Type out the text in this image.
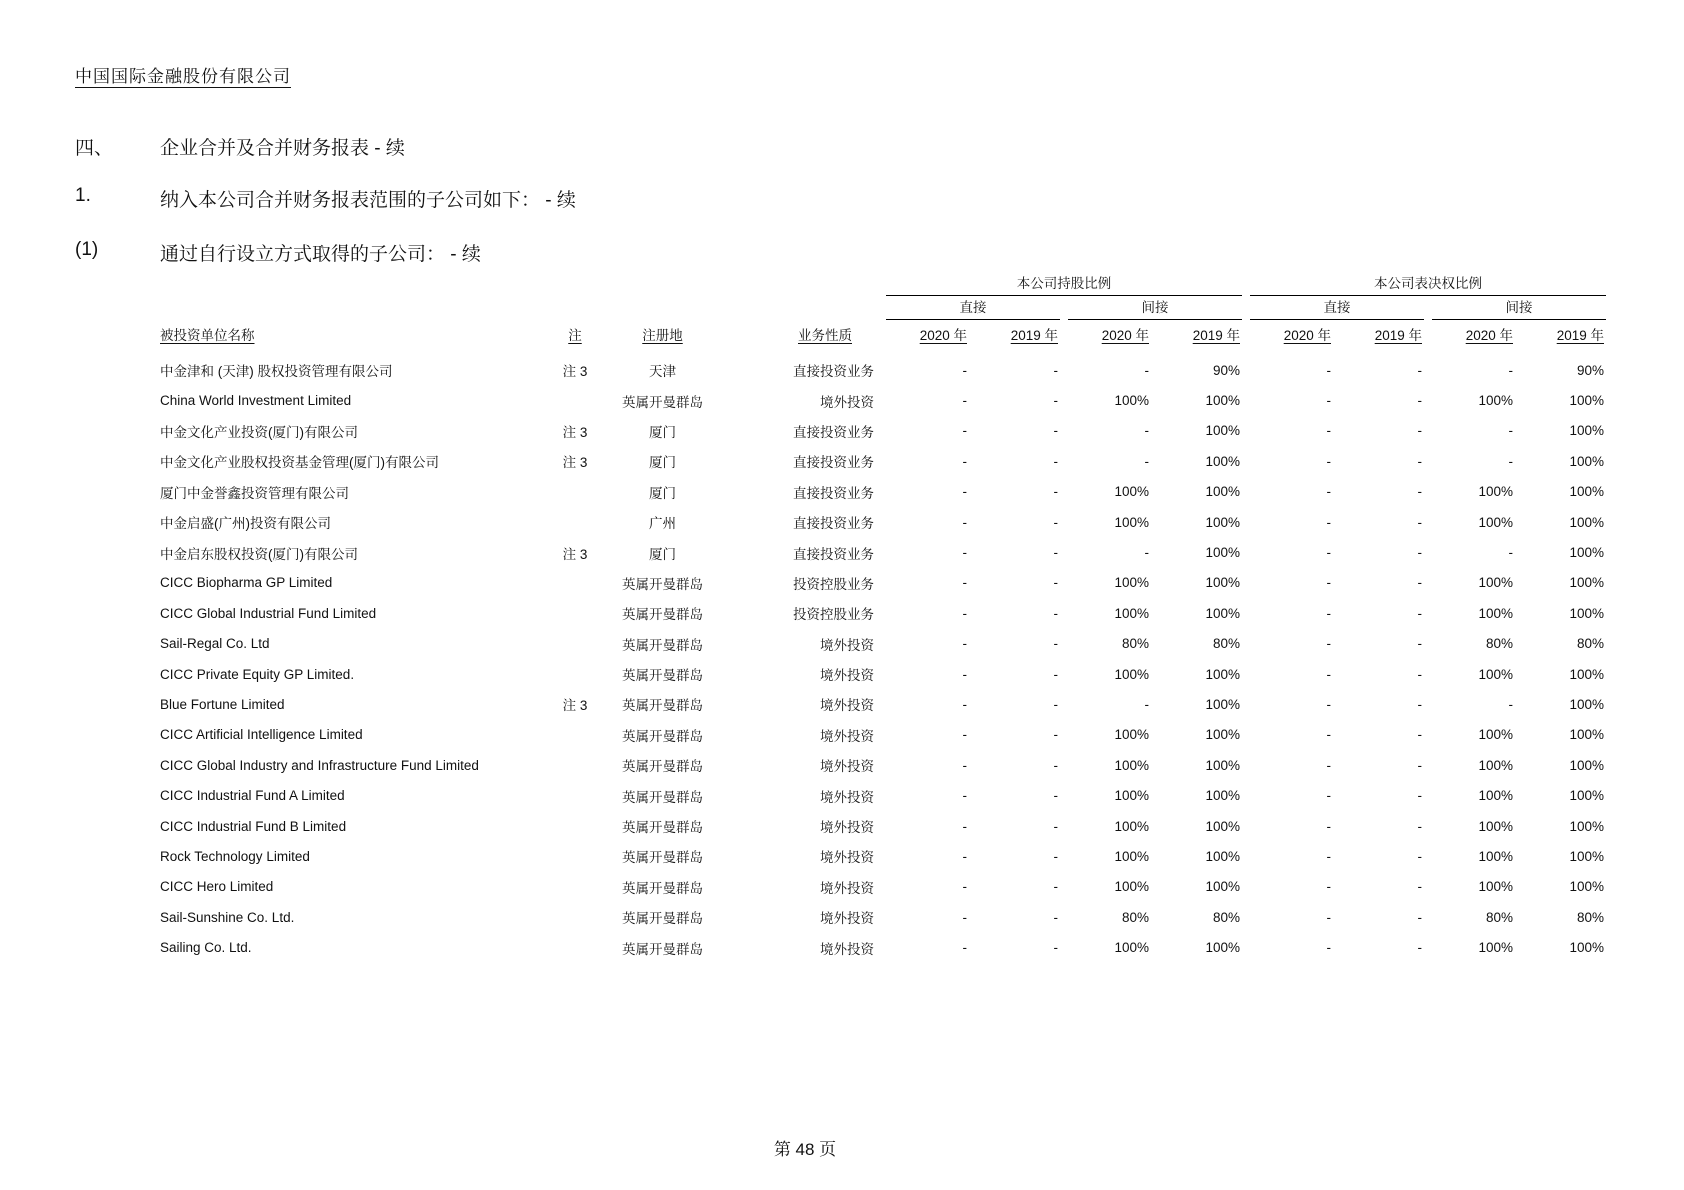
中国国际金融股份有限公司
四、	企业合并及合并财务报表 - 续
1.	纳入本公司合并财务报表范围的子公司如下： - 续
(1)	通过自行设立方式取得的子公司： - 续

				本公司持股比例				本公司表决权比例			

				直接		间接		直接		间接	

被投资单位名称	注	注册地	业务性质	2020 年	2019 年	2020 年	2019 年	2020 年	2019 年	2020 年	2019 年
中金津和 (天津) 股权投资管理有限公司	注 3	天津	直接投资业务	-	-	-	90%	-	-	-	90%
China World Investment Limited		英属开曼群岛	境外投资	-	-	100%	100%	-	-	100%	100%
中金文化产业投资(厦门)有限公司	注 3	厦门	直接投资业务	-	-	-	100%	-	-	-	100%
中金文化产业股权投资基金管理(厦门)有限公司	注 3	厦门	直接投资业务	-	-	-	100%	-	-	-	100%
厦门中金誉鑫投资管理有限公司		厦门	直接投资业务	-	-	100%	100%	-	-	100%	100%
中金启盛(广州)投资有限公司		广州	直接投资业务	-	-	100%	100%	-	-	100%	100%
中金启东股权投资(厦门)有限公司	注 3	厦门	直接投资业务	-	-	-	100%	-	-	-	100%
CICC Biopharma GP Limited		英属开曼群岛	投资控股业务	-	-	100%	100%	-	-	100%	100%
CICC Global Industrial Fund Limited		英属开曼群岛	投资控股业务	-	-	100%	100%	-	-	100%	100%
Sail-Regal Co. Ltd		英属开曼群岛	境外投资	-	-	80%	80%	-	-	80%	80%
CICC Private Equity GP Limited.		英属开曼群岛	境外投资	-	-	100%	100%	-	-	100%	100%
Blue Fortune Limited	注 3	英属开曼群岛	境外投资	-	-	-	100%	-	-	-	100%
CICC Artificial Intelligence Limited		英属开曼群岛	境外投资	-	-	100%	100%	-	-	100%	100%
CICC Global Industry and Infrastructure Fund Limited		英属开曼群岛	境外投资	-	-	100%	100%	-	-	100%	100%
CICC Industrial Fund A Limited		英属开曼群岛	境外投资	-	-	100%	100%	-	-	100%	100%
CICC Industrial Fund B Limited		英属开曼群岛	境外投资	-	-	100%	100%	-	-	100%	100%
Rock Technology Limited		英属开曼群岛	境外投资	-	-	100%	100%	-	-	100%	100%
CICC Hero Limited		英属开曼群岛	境外投资	-	-	100%	100%	-	-	100%	100%
Sail-Sunshine Co. Ltd.		英属开曼群岛	境外投资	-	-	80%	80%	-	-	80%	80%
Sailing Co. Ltd.		英属开曼群岛	境外投资	-	-	100%	100%	-	-	100%	100%
第 48 页
